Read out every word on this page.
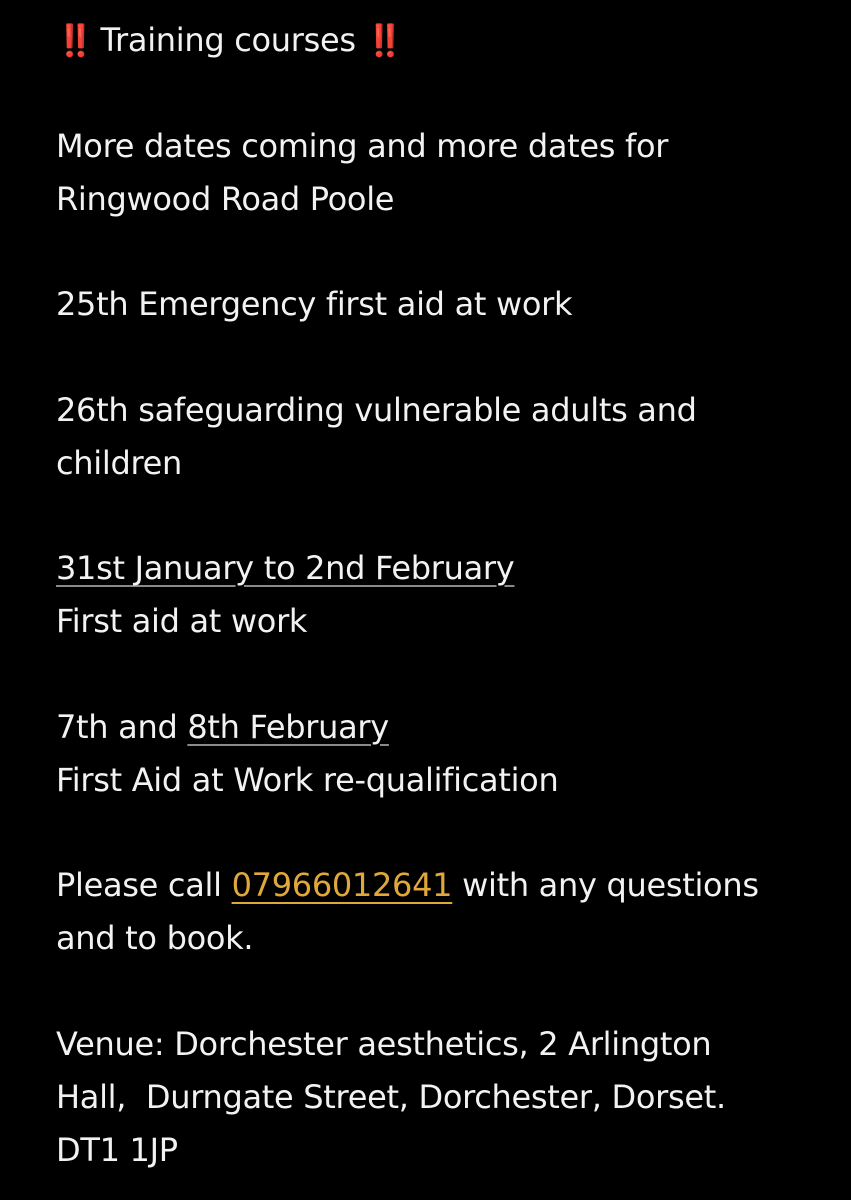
‼️ Training courses ‼️
More dates coming and more dates for
Ringwood Road Poole
25th Emergency first aid at work
26th safeguarding vulnerable adults and
children
31st January to 2nd February
First aid at work
7th and 8th February
First Aid at Work re-qualification
Please call 07966012641 with any questions
and to book.
Venue: Dorchester aesthetics, 2 Arlington
Hall,  Durngate Street, Dorchester, Dorset.
DT1 1JP
